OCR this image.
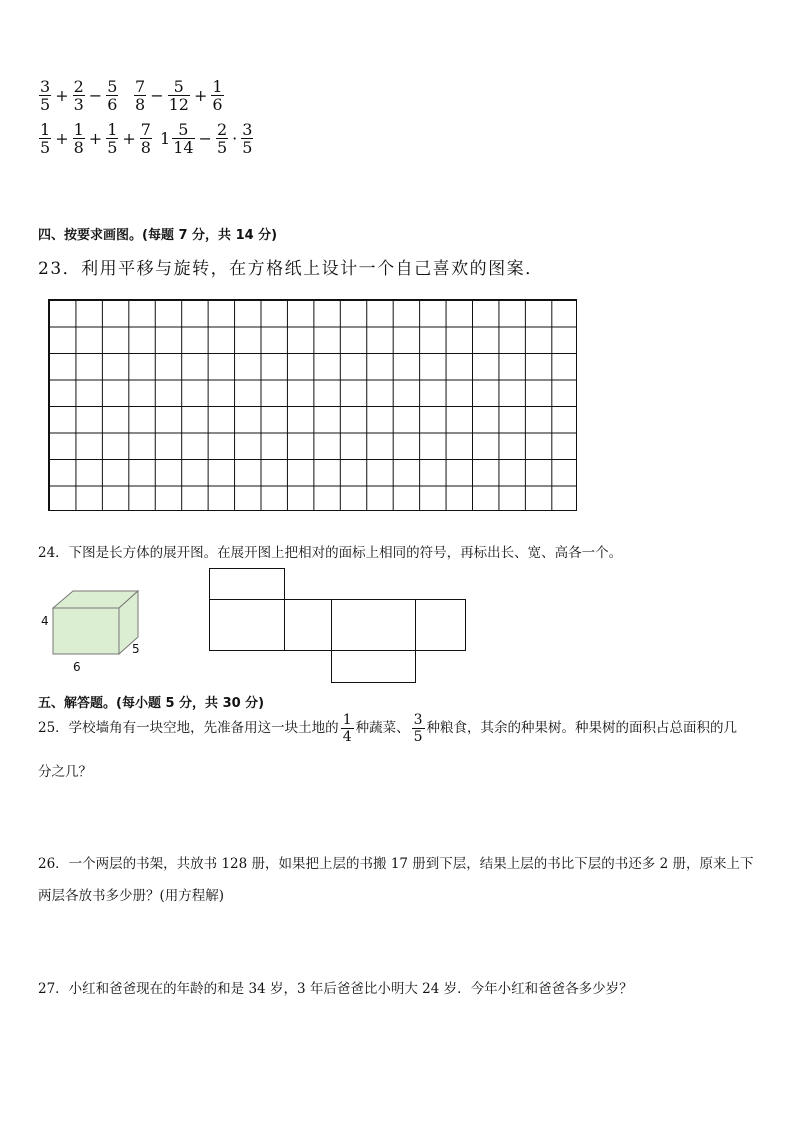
$\frac{3}{5} + \frac{2}{3} - \frac{5}{6} \frac{7}{8} - \frac{5}{12} + \frac{1}{6}$
$\frac{1}{5} + \frac{1}{8} + \frac{1}{5} + \frac{7}{8} 1 \frac{5}{14} - \frac{2}{5} \cdot \frac{3}{5}$
四、按要求画图。(每题 7 分，共 14 分)
23．利用平移与旋转，在方格纸上设计一个自己喜欢的图案．
24．下图是长方体的展开图。在展开图上把相对的面标上相同的符号，再标出长、宽、高各一个。
4
6
5
五、解答题。(每小题 5 分，共 30 分)
25．学校墙角有一块空地，先准备用这一块土地的 $\frac{1}{4}$ 种蔬菜、 $\frac{3}{5}$ 种粮食，其余的种果树。种果树的面积占总面积的几
分之几？
26．一个两层的书架，共放书 128 册，如果把上层的书搬 17 册到下层，结果上层的书比下层的书还多 2 册，原来上下
两层各放书多少册？(用方程解)
27．小红和爸爸现在的年龄的和是 34 岁，3 年后爸爸比小明大 24 岁．今年小红和爸爸各多少岁？
